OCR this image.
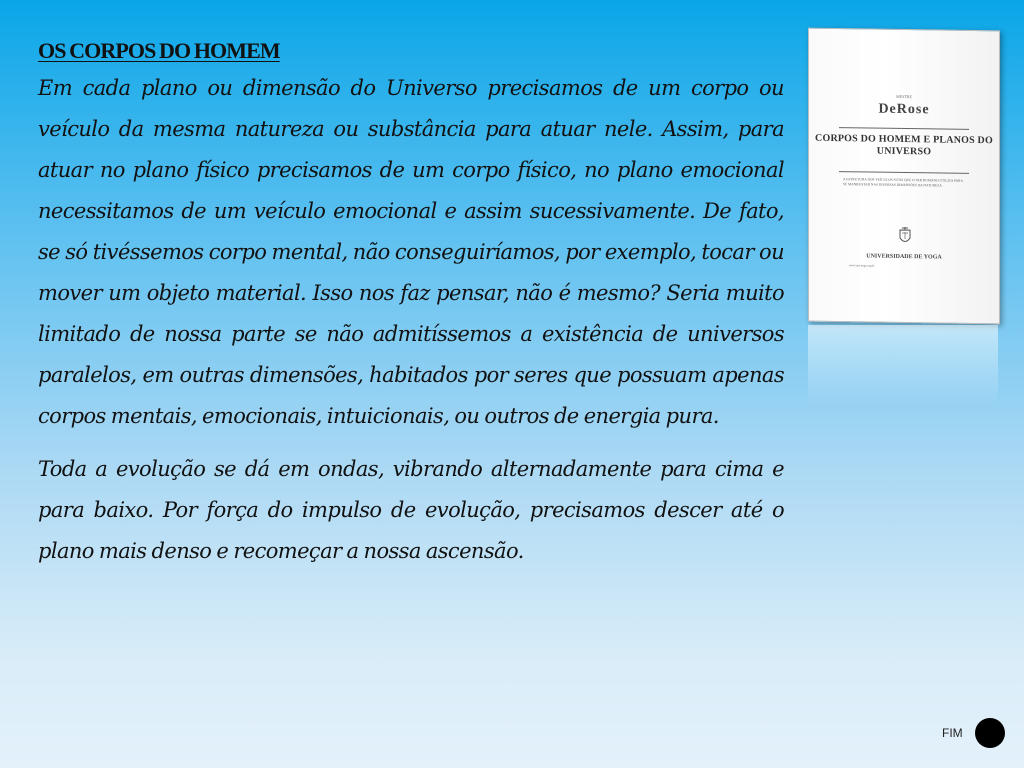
OS CORPOS DO HOMEM

Em cada plano ou dimensão do Universo precisamos de um corpo ou veículo da mesma natureza ou substância para atuar nele. Assim, para atuar no plano físico precisamos de um corpo físico, no plano emocional necessitamos de um veículo emocional e assim sucessivamente. De fato, se só tivéssemos corpo mental, não conseguiríamos, por exemplo, tocar ou mover um objeto material. Isso nos faz pensar, não é mesmo? Seria muito limitado de nossa parte se não admitíssemos a existência de universos paralelos, em outras dimensões, habitados por seres que possuam apenas corpos mentais, emocionais, intuicionais, ou outros de energia pura.

Toda a evolução se dá em ondas, vibrando alternadamente para cima e para baixo. Por força do impulso de evolução, precisamos descer até o plano mais denso e recomeçar a nossa ascensão.

MESTRE
DeRose
CORPOS DO HOMEM E PLANOS DO UNIVERSO
A ESTRUTURA DOS VEÍCULOS SUTIS QUE O SER HUMANO UTILIZA PARA SE MANIFESTAR NAS DIVERSAS DIMENSÕES DA NATUREZA.
UNIVERSIDADE DE YOGA
www.uni-yoga.org.br
FIM
